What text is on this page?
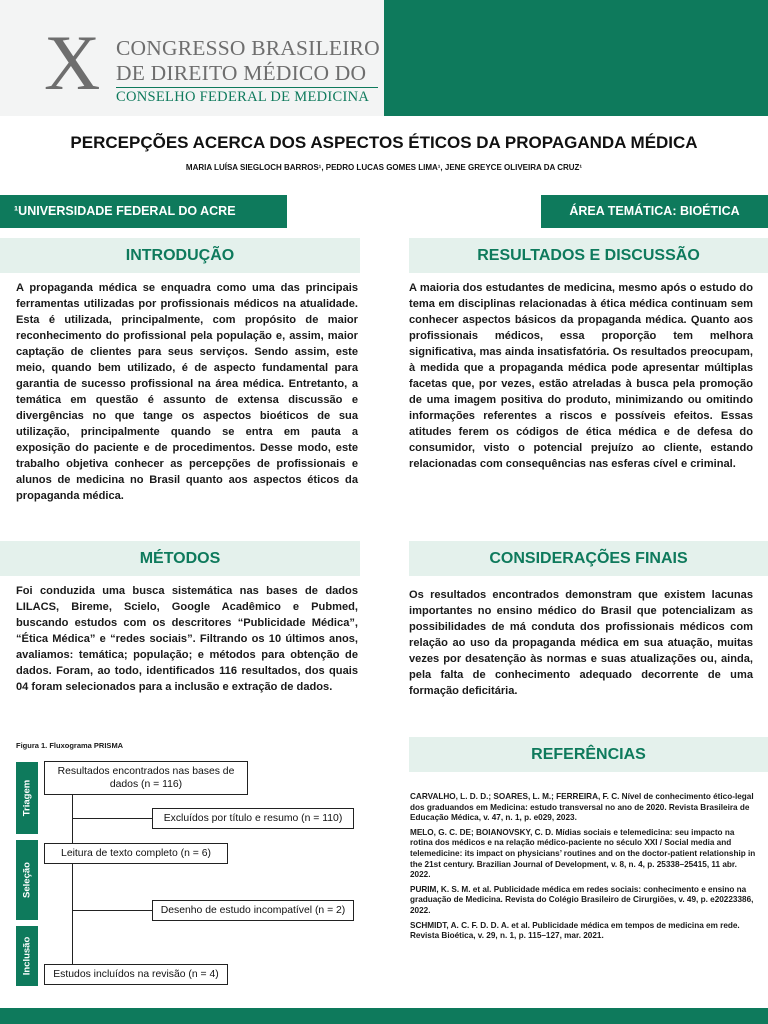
X CONGRESSO BRASILEIRO
DE DIREITO MÉDICO DO
CONSELHO FEDERAL DE MEDICINA
PERCEPÇÕES ACERCA DOS ASPECTOS ÉTICOS DA PROPAGANDA MÉDICA
MARIA LUÍSA SIEGLOCH BARROS¹, PEDRO LUCAS GOMES LIMA¹, JENE GREYCE OLIVEIRA DA CRUZ¹
¹UNIVERSIDADE FEDERAL DO ACRE	ÁREA TEMÁTICA: BIOÉTICA
INTRODUÇÃO

A propaganda médica se enquadra como uma das principais ferramentas utilizadas por profissionais médicos na atualidade. Esta é utilizada, principalmente, com propósito de maior reconhecimento do profissional pela população e, assim, maior captação de clientes para seus serviços. Sendo assim, este meio, quando bem utilizado, é de aspecto fundamental para garantia de sucesso profissional na área médica. Entretanto, a temática em questão é assunto de extensa discussão e divergências no que tange os aspectos bioéticos de sua utilização, principalmente quando se entra em pauta a exposição do paciente e de procedimentos. Desse modo, este trabalho objetiva conhecer as percepções de profissionais e alunos de medicina no Brasil quanto aos aspectos éticos da propaganda médica.

RESULTADOS E DISCUSSÃO

A maioria dos estudantes de medicina, mesmo após o estudo do tema em disciplinas relacionadas à ética médica continuam sem conhecer aspectos básicos da propaganda médica. Quanto aos profissionais médicos, essa proporção tem melhora significativa, mas ainda insatisfatória. Os resultados preocupam, à medida que a propaganda médica pode apresentar múltiplas facetas que, por vezes, estão atreladas à busca pela promoção de uma imagem positiva do produto, minimizando ou omitindo informações referentes a riscos e possíveis efeitos. Essas atitudes ferem os códigos de ética médica e de defesa do consumidor, visto o potencial prejuízo ao cliente, estando relacionadas com consequências nas esferas cível e criminal.

MÉTODOS

Foi conduzida uma busca sistemática nas bases de dados LILACS, Bireme, Scielo, Google Acadêmico e Pubmed, buscando estudos com os descritores “Publicidade Médica”, “Ética Médica” e “redes sociais”. Filtrando os 10 últimos anos, avaliamos: temática; população; e métodos para obtenção de dados. Foram, ao todo, identificados 116 resultados, dos quais 04 foram selecionados para a inclusão e extração de dados.

CONSIDERAÇÕES FINAIS

Os resultados encontrados demonstram que existem lacunas importantes no ensino médico do Brasil que potencializam as possibilidades de má conduta dos profissionais médicos com relação ao uso da propaganda médica em sua atuação, muitas vezes por desatenção às normas e suas atualizações ou, ainda, pela falta de conhecimento adequado decorrente de uma formação deficitária.

REFERÊNCIAS

CARVALHO, L. D. D.; SOARES, L. M.; FERREIRA, F. C. Nível de conhecimento ético-legal dos graduandos em Medicina: estudo transversal no ano de 2020. Revista Brasileira de Educação Médica, v. 47, n. 1, p. e029, 2023.

MELO, G. C. DE; BOIANOVSKY, C. D. Mídias sociais e telemedicina: seu impacto na rotina dos médicos e na relação médico-paciente no século XXI / Social media and telemedicine: its impact on physicians’ routines and on the doctor-patient relationship in the 21st century. Brazilian Journal of Development, v. 8, n. 4, p. 25338–25415, 11 abr. 2022.

PURIM, K. S. M. et al. Publicidade médica em redes sociais: conhecimento e ensino na graduação de Medicina. Revista do Colégio Brasileiro de Cirurgiões, v. 49, p. e20223386, 2022.

SCHMIDT, A. C. F. D. D. A. et al. Publicidade médica em tempos de medicina em rede. Revista Bioética, v. 29, n. 1, p. 115–127, mar. 2021.

Figura 1. Fluxograma PRISMA
Triagem
Seleção
Inclusão
Resultados encontrados nas bases de dados (n = 116)
Excluídos por título e resumo (n = 110)
Leitura de texto completo (n = 6)
Desenho de estudo incompatível (n = 2)
Estudos incluídos na revisão (n = 4)
